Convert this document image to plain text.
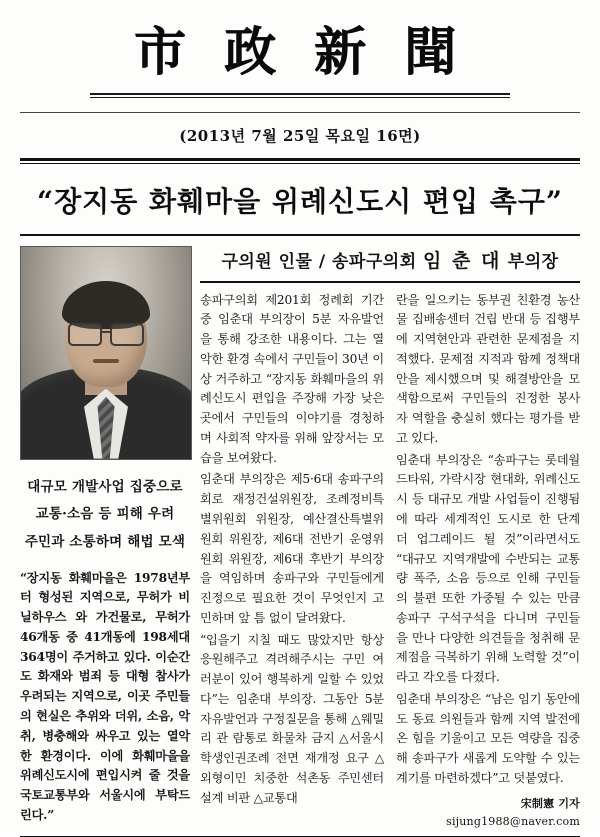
市 政 新 聞
(2013년 7월 25일 목요일 16면)
“장지동 화훼마을 위례신도시 편입 촉구”
대규모 개발사업 집중으로
교통·소음 등 피해 우려
주민과 소통하며 해법 모색
“장지동 화훼마을은 1978년부터 형성된 지역으로, 무허가 비닐하우스 와 가건물로, 무허가 46개동 중 41개동에 198세대 364명이 주거하고 있다. 이순간도 화재와 범죄 등 대형 참사가 우려되는 지역으로, 이곳 주민들의 현실은 추위와 더위, 소음, 악취, 병충해와 싸우고 있는 열악한 환경이다. 이에 화훼마을을 위례신도시에 편입시켜 줄 것을 국토교통부와 서울시에 부탁드린다.”
구의원 인물 / 송파구의회 임 춘 대 부의장

송파구의회 제201회 정례회 기간 중 임춘대 부의장이 5분 자유발언을 통해 강조한 내용이다. 그는 열악한 환경 속에서 구민들이 30년 이상 거주하고 “장지동 화훼마을의 위례신도시 편입을 주장해 가장 낮은 곳에서 구민들의 이야기를 경청하며 사회적 약자를 위해 앞장서는 모습을 보여왔다.

임춘대 부의장은 제5·6대 송파구의회로 재정건설위원장, 조례정비특별위원회 위원장, 예산결산특별위원회 위원장, 제6대 전반기 운영위원회 위원장, 제6대 후반기 부의장을 역임하며 송파구와 구민들에게 진정으로 필요한 것이 무엇인지 고민하며 앞 틈 없이 달려왔다.

“입을기 지칠 때도 많았지만 항상 응원해주고 격려해주시는 구민 여러분이 있어 행복하게 일할 수 있었다”는 임춘대 부의장. 그동안 5분 자유발언과 구정질문을 통해 △웨밀리 관 람통로 화물차 금지 △서울시 학생인권조례 전면 재개정 요구 △외형이민 치중한 석촌동 주민센터 설계 비판 △교통대

란을 일으키는 동부권 친환경 농산물 집배송센터 건립 반대 등 집행부에 지역현안과 관련한 문제점을 지적했다. 문제점 지적과 함께 정책대안을 제시했으며 및 해결방안을 모색함으로써 구민들의 진정한 봉사자 역할을 충실히 했다는 평가를 받고 있다.

임춘대 부의장은 “송파구는 롯데월드타워, 가락시장 현대화, 위례신도시 등 대규모 개발 사업들이 진행됨에 따라 세계적인 도시로 한 단계 더 업그레이드 될 것”이라면서도 “대규모 지역개발에 수반되는 교통량 폭주, 소음 등으로 인해 구민들의 불편 또한 가중될 수 있는 만큼 송파구 구석구석을 다니며 구민들을 만나 다양한 의견들을 청취해 문제점을 극복하기 위해 노력할 것”이라고 각오를 다졌다.

임춘대 부의장은 “남은 임기 동안에도 동료 의원들과 함께 지역 발전에 온 힘을 기울이고 모든 역량을 집중해 송파구가 새롭게 도약할 수 있는 계기를 마련하겠다”고 덧붙였다.

宋制憲 기자 sijung1988@naver.com
